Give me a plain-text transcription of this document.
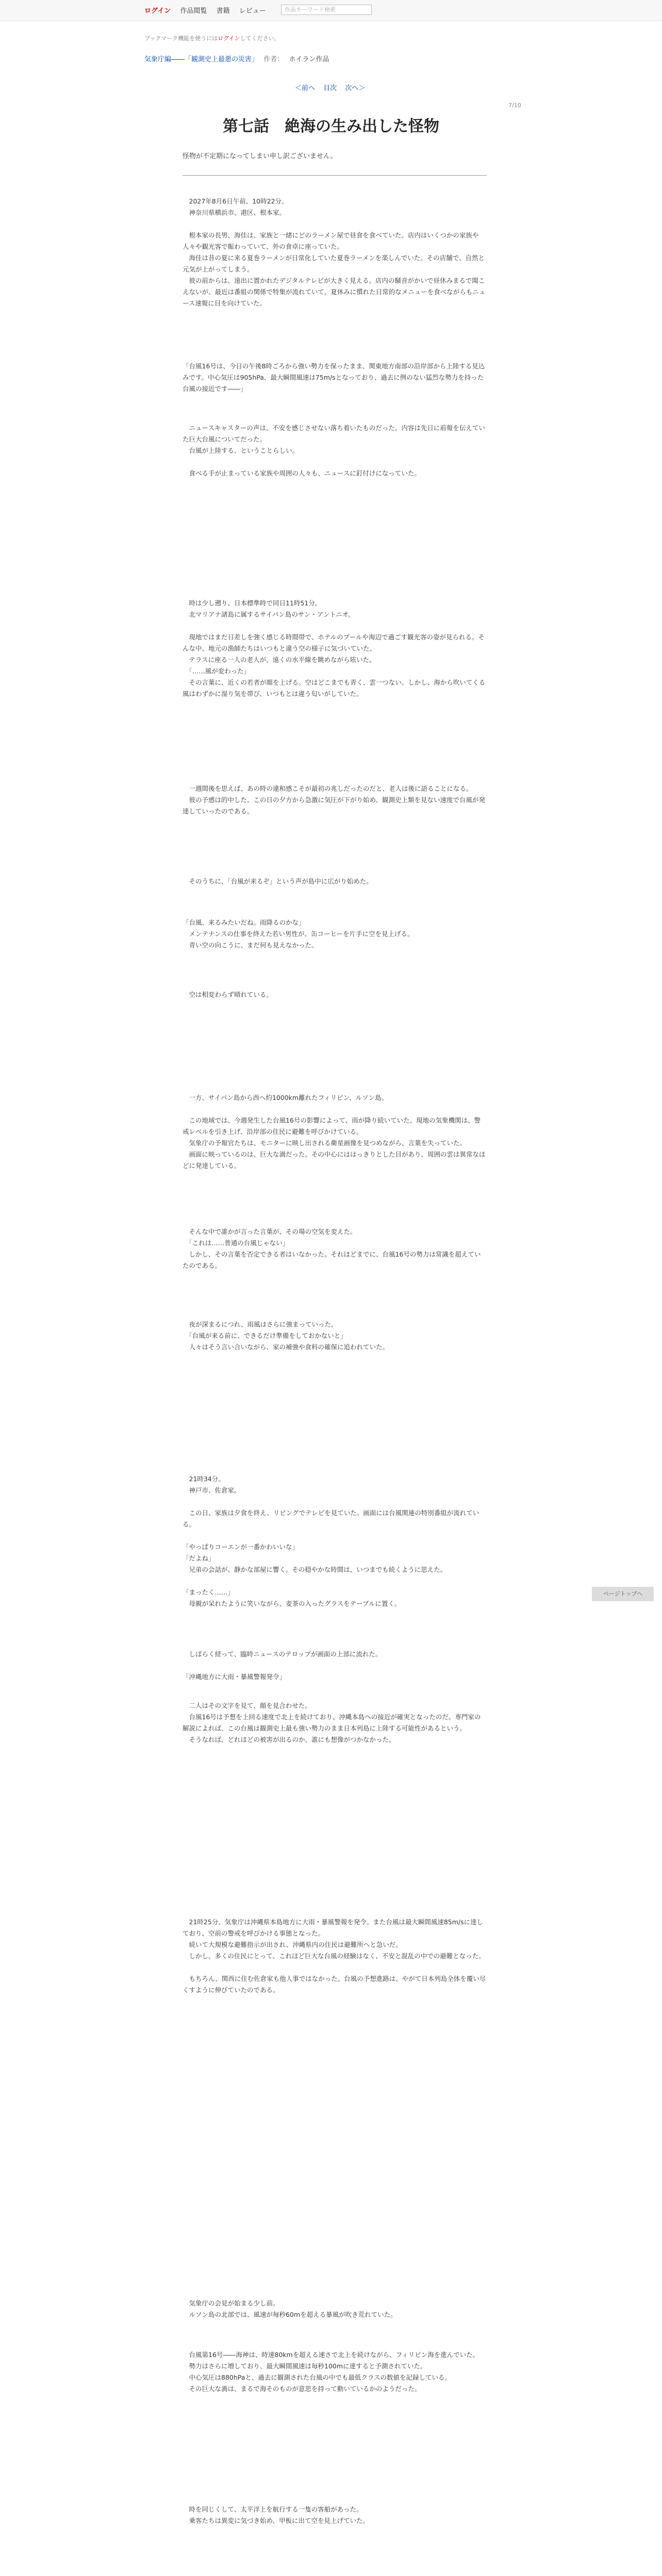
ログイン 作品閲覧 書籍 レビュー	作品キーワード検索
ブックマーク機能を使うにはログインしてください。
気象庁編――「観測史上最悪の災害」 作者： ホイラン作品
＜前へ 目次 次へ＞
7/10
第七話　絶海の生み出した怪物
怪物が不定期になってしまい申し訳ございません。

　2027年8月6日午前、10時22分。
　神奈川県横浜市、港区、根本家。

　根本家の長男、海佳は、家族と一緒にどのラーメン屋で昼食を食べていた。店内はいくつかの家族や人々や観光客で賑わっていて、外の食卓に座っていた。
　海佳は昔の夏に来る夏巻ラーメンが日常化していた夏巻ラーメンを楽しんでいた。その店舗で、自然と元気が上がってしまう。
　彼の前からは、遠出に置かれたデジタルテレビが大きく見える。店内の騒音がかいで昼休みまるで聞こえないが、最近は番組の関係で特集が流れていて、夏休みに慣れた日常的なメニューを食べながらもニュース速報に目を向けていた。

「台風16号は、今日の午後8時ごろから強い勢力を保ったまま、関東地方南部の沿岸部から上陸する見込みです。中心気圧は905hPa、最大瞬間風速は75m/sとなっており、過去に例のない猛烈な勢力を持った台風の接近です――」

　ニュースキャスターの声は、不安を感じさせない落ち着いたものだった。内容は先日に前報を伝えていた巨大台風についてだった。
　台風が上陸する、ということらしい。

　食べる手が止まっている家族や周囲の人々も、ニュースに釘付けになっていた。

　時は少し遡り、日本標準時で同日11時51分。
　北マリアナ諸島に属するサイパン島のサン・アントニオ。

　現地ではまだ日差しを強く感じる時間帯で、ホテルのプールや海辺で過ごす観光客の姿が見られる。そんな中、地元の漁師たちはいつもと違う空の様子に気づいていた。
　テラスに座る一人の老人が、遠くの水平線を眺めながら呟いた。
　「……風が変わった」
　その言葉に、近くの若者が顔を上げる。空はどこまでも青く、雲一つない。しかし、海から吹いてくる風はわずかに湿り気を帯び、いつもとは違う匂いがしていた。

　一週間後を思えば、あの時の違和感こそが最初の兆しだったのだと、老人は後に語ることになる。
　彼の予感は的中した。この日の夕方から急激に気圧が下がり始め、観測史上類を見ない速度で台風が発達していったのである。

　そのうちに、「台風が来るぞ」という声が島中に広がり始めた。

「台風、来るみたいだね。雨降るのかな」
　メンテナンスの仕事を終えた若い男性が、缶コーヒーを片手に空を見上げる。
　青い空の向こうに、まだ何も見えなかった。

　空は相変わらず晴れている。

　一方、サイパン島から西へ約1000km離れたフィリピン、ルソン島。

　この地域では、今週発生した台風16号の影響によって、雨が降り続いていた。現地の気象機関は、警戒レベルを引き上げ、沿岸部の住民に避難を呼びかけている。
　気象庁の予報官たちは、モニターに映し出される衛星画像を見つめながら、言葉を失っていた。
　画面に映っているのは、巨大な渦だった。その中心にははっきりとした目があり、周囲の雲は異常なほどに発達している。

　そんな中で誰かが言った言葉が、その場の空気を変えた。
　「これは……普通の台風じゃない」
　しかし、その言葉を否定できる者はいなかった。それほどまでに、台風16号の勢力は常識を超えていたのである。

　夜が深まるにつれ、雨風はさらに強まっていった。
　「台風が来る前に、できるだけ準備をしておかないと」
　人々はそう言い合いながら、家の補強や食料の確保に追われていた。

　21時34分。
　神戸市、佐倉家。

　この日、家族は夕食を終え、リビングでテレビを見ていた。画面には台風関連の特別番組が流れている。

「やっぱりコーエンが一番かわいいな」
「だよね」
　兄弟の会話が、静かな部屋に響く。その穏やかな時間は、いつまでも続くように思えた。

「まったく……」
　母親が呆れたように笑いながら、麦茶の入ったグラスをテーブルに置く。

　しばらく経って、臨時ニュースのテロップが画面の上部に流れた。

「沖縄地方に大雨・暴風警報発令」

　二人はその文字を見て、顔を見合わせた。
　台風16号は予想を上回る速度で北上を続けており、沖縄本島への接近が確実となったのだ。専門家の解説によれば、この台風は観測史上最も強い勢力のまま日本列島に上陸する可能性があるという。
　そうなれば、どれほどの被害が出るのか、誰にも想像がつかなかった。

　21時25分、気象庁は沖縄県本島地方に大雨・暴風警報を発令。また台風は最大瞬間風速85m/sに達しており、空前の警戒を呼びかける事態となった。
　続いて大規模な避難指示が出され、沖縄県内の住民は避難所へと急いだ。
　しかし、多くの住民にとって、これほど巨大な台風の経験はなく、不安と混乱の中での避難となった。

　もちろん、関西に住む佐倉家も他人事ではなかった。台風の予想進路は、やがて日本列島全体を覆い尽くすように伸びていたのである。

　気象庁の会見が始まる少し前。
　ルソン島の北部では、風速が毎秒60mを超える暴風が吹き荒れていた。

　台風第16号――海神は、時速80kmを超える速さで北上を続けながら、フィリピン海を進んでいた。
　勢力はさらに増しており、最大瞬間風速は毎秒100mに達すると予測されていた。
　中心気圧は880hPaと、過去に観測された台風の中でも最低クラスの数値を記録している。
　その巨大な渦は、まるで海そのものが意思を持って動いているかのようだった。

　時を同じくして、太平洋上を航行する一隻の客船があった。
　乗客たちは異変に気づき始め、甲板に出て空を見上げていた。

ページトップへ
